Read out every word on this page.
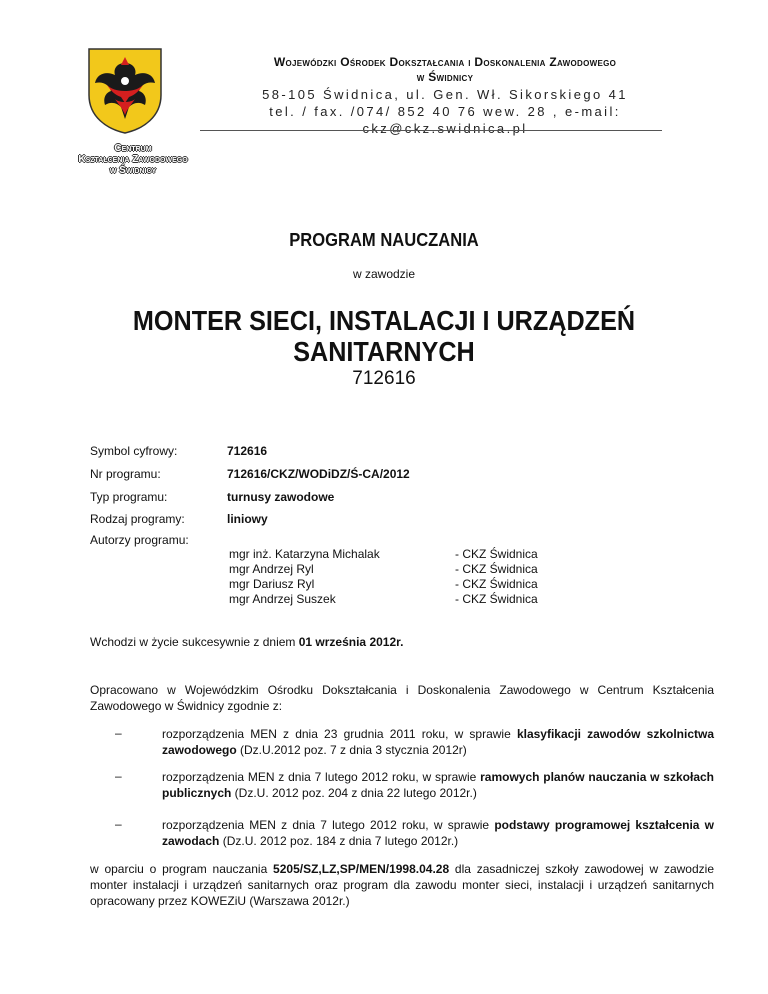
Wojewódzki Ośrodek Dokształcania i Doskonalenia Zawodowego
w Świdnicy
58-105 Świdnica, ul. Gen. Wł. Sikorskiego 41
tel. / fax. /074/ 852 40 76 wew. 28 , e-mail: ckz@ckz.swidnica.pl
Centrum
Kształcenia Zawodowego
w Świdnicy
PROGRAM NAUCZANIA
w zawodzie
MONTER SIECI, INSTALACJI I URZĄDZEŃ
SANITARNYCH
712616
Symbol cyfrowy:	712616
Nr programu:	712616/CKZ/WODiDZ/Ś-CA/2012
Typ programu:	turnusy zawodowe
Rodzaj programy:	liniowy
Autorzy programu:
mgr inż. Katarzyna Michalak	- CKZ Świdnica
mgr Andrzej Ryl	- CKZ Świdnica
mgr Dariusz Ryl	- CKZ Świdnica
mgr Andrzej Suszek	- CKZ Świdnica
Wchodzi w życie sukcesywnie z dniem 01 września 2012r.
Opracowano w Wojewódzkim Ośrodku Dokształcania i Doskonalenia Zawodowego w Centrum Kształcenia Zawodowego w Świdnicy zgodnie z:
–	rozporządzenia MEN z dnia 23 grudnia 2011 roku, w sprawie klasyfikacji zawodów szkolnictwa zawodowego (Dz.U.2012 poz. 7 z dnia 3 stycznia 2012r)
–	rozporządzenia MEN z dnia 7 lutego 2012 roku, w sprawie ramowych planów nauczania w szkołach publicznych (Dz.U. 2012 poz. 204 z dnia 22 lutego 2012r.)
–	rozporządzenia MEN z dnia 7 lutego 2012 roku, w sprawie podstawy programowej kształcenia w zawodach (Dz.U. 2012 poz. 184 z dnia 7 lutego 2012r.)
w oparciu o program nauczania 5205/SZ,LZ,SP/MEN/1998.04.28 dla zasadniczej szkoły zawodowej w zawodzie monter instalacji i urządzeń sanitarnych oraz program dla zawodu monter sieci, instalacji i urządzeń sanitarnych opracowany przez KOWEZiU (Warszawa 2012r.)
